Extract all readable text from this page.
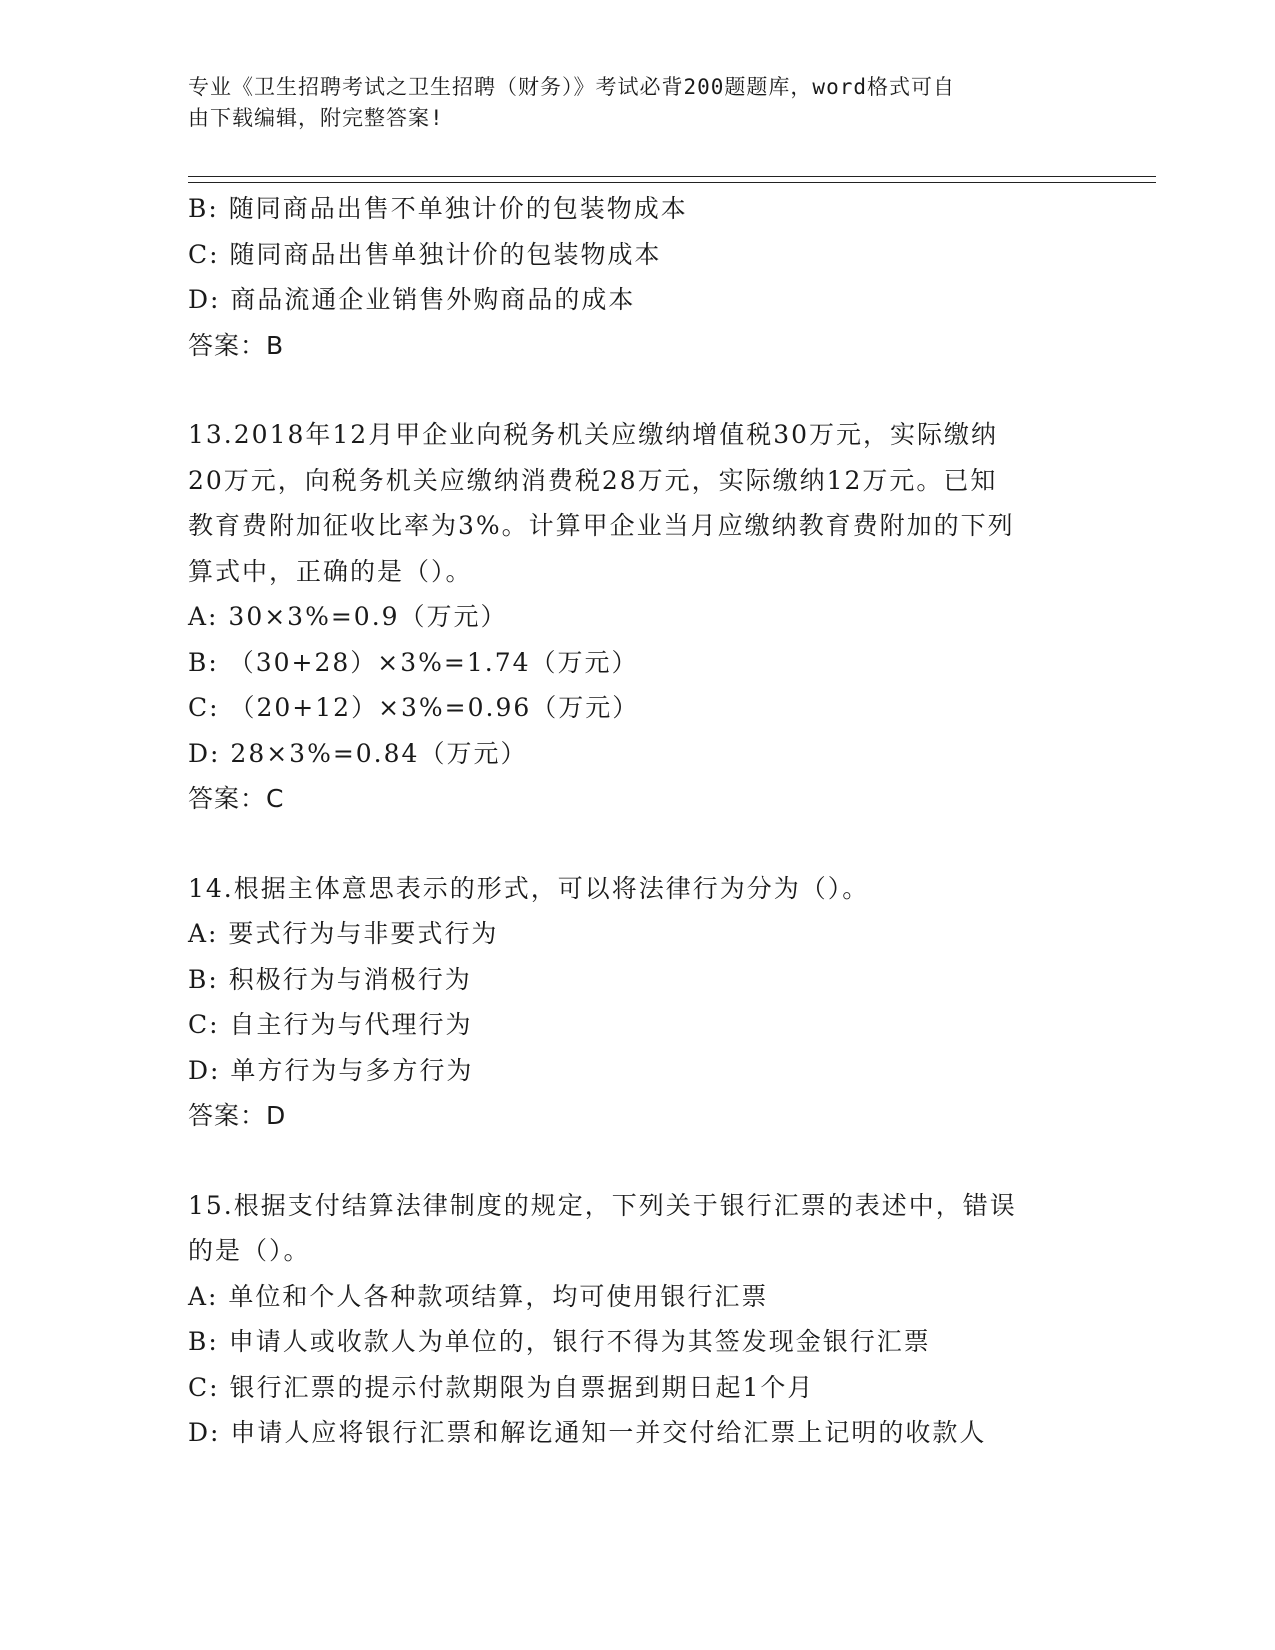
专业《卫生招聘考试之卫生招聘（财务）》考试必背200题题库，word格式可自
由下载编辑，附完整答案!
B: 随同商品出售不单独计价的包装物成本
C: 随同商品出售单独计价的包装物成本
D: 商品流通企业销售外购商品的成本
答案：B
13.2018年12月甲企业向税务机关应缴纳增值税30万元，实际缴纳
20万元，向税务机关应缴纳消费税28万元，实际缴纳12万元。已知
教育费附加征收比率为3%。计算甲企业当月应缴纳教育费附加的下列
算式中，正确的是（）。
A: 30×3%=0.9（万元）
B: （30+28）×3%=1.74（万元）
C: （20+12）×3%=0.96（万元）
D: 28×3%=0.84（万元）
答案：C
14.根据主体意思表示的形式，可以将法律行为分为（）。
A: 要式行为与非要式行为
B: 积极行为与消极行为
C: 自主行为与代理行为
D: 单方行为与多方行为
答案：D
15.根据支付结算法律制度的规定，下列关于银行汇票的表述中，错误
的是（）。
A: 单位和个人各种款项结算，均可使用银行汇票
B: 申请人或收款人为单位的，银行不得为其签发现金银行汇票
C: 银行汇票的提示付款期限为自票据到期日起1个月
D: 申请人应将银行汇票和解讫通知一并交付给汇票上记明的收款人
